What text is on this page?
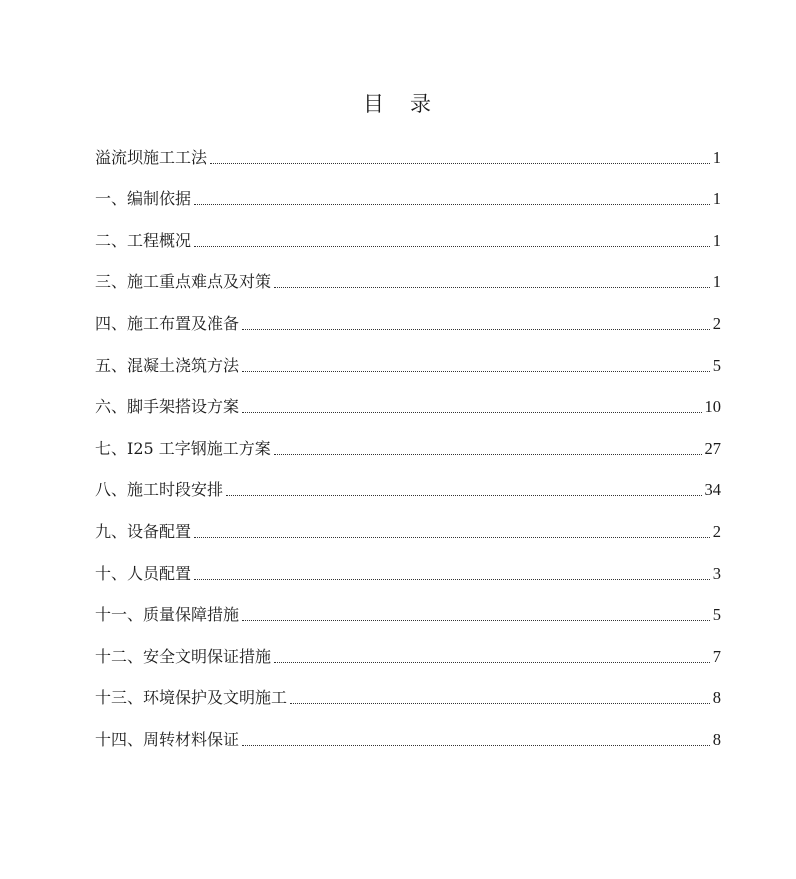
目录
溢流坝施工工法	1
一、编制依据	1
二、工程概况	1
三、施工重点难点及对策	1
四、施工布置及准备	2
五、混凝土浇筑方法	5
六、脚手架搭设方案	10
七、I25 工字钢施工方案	27
八、施工时段安排	34
九、设备配置	2
十、人员配置	3
十一、质量保障措施	5
十二、安全文明保证措施	7
十三、环境保护及文明施工	8
十四、周转材料保证	8
